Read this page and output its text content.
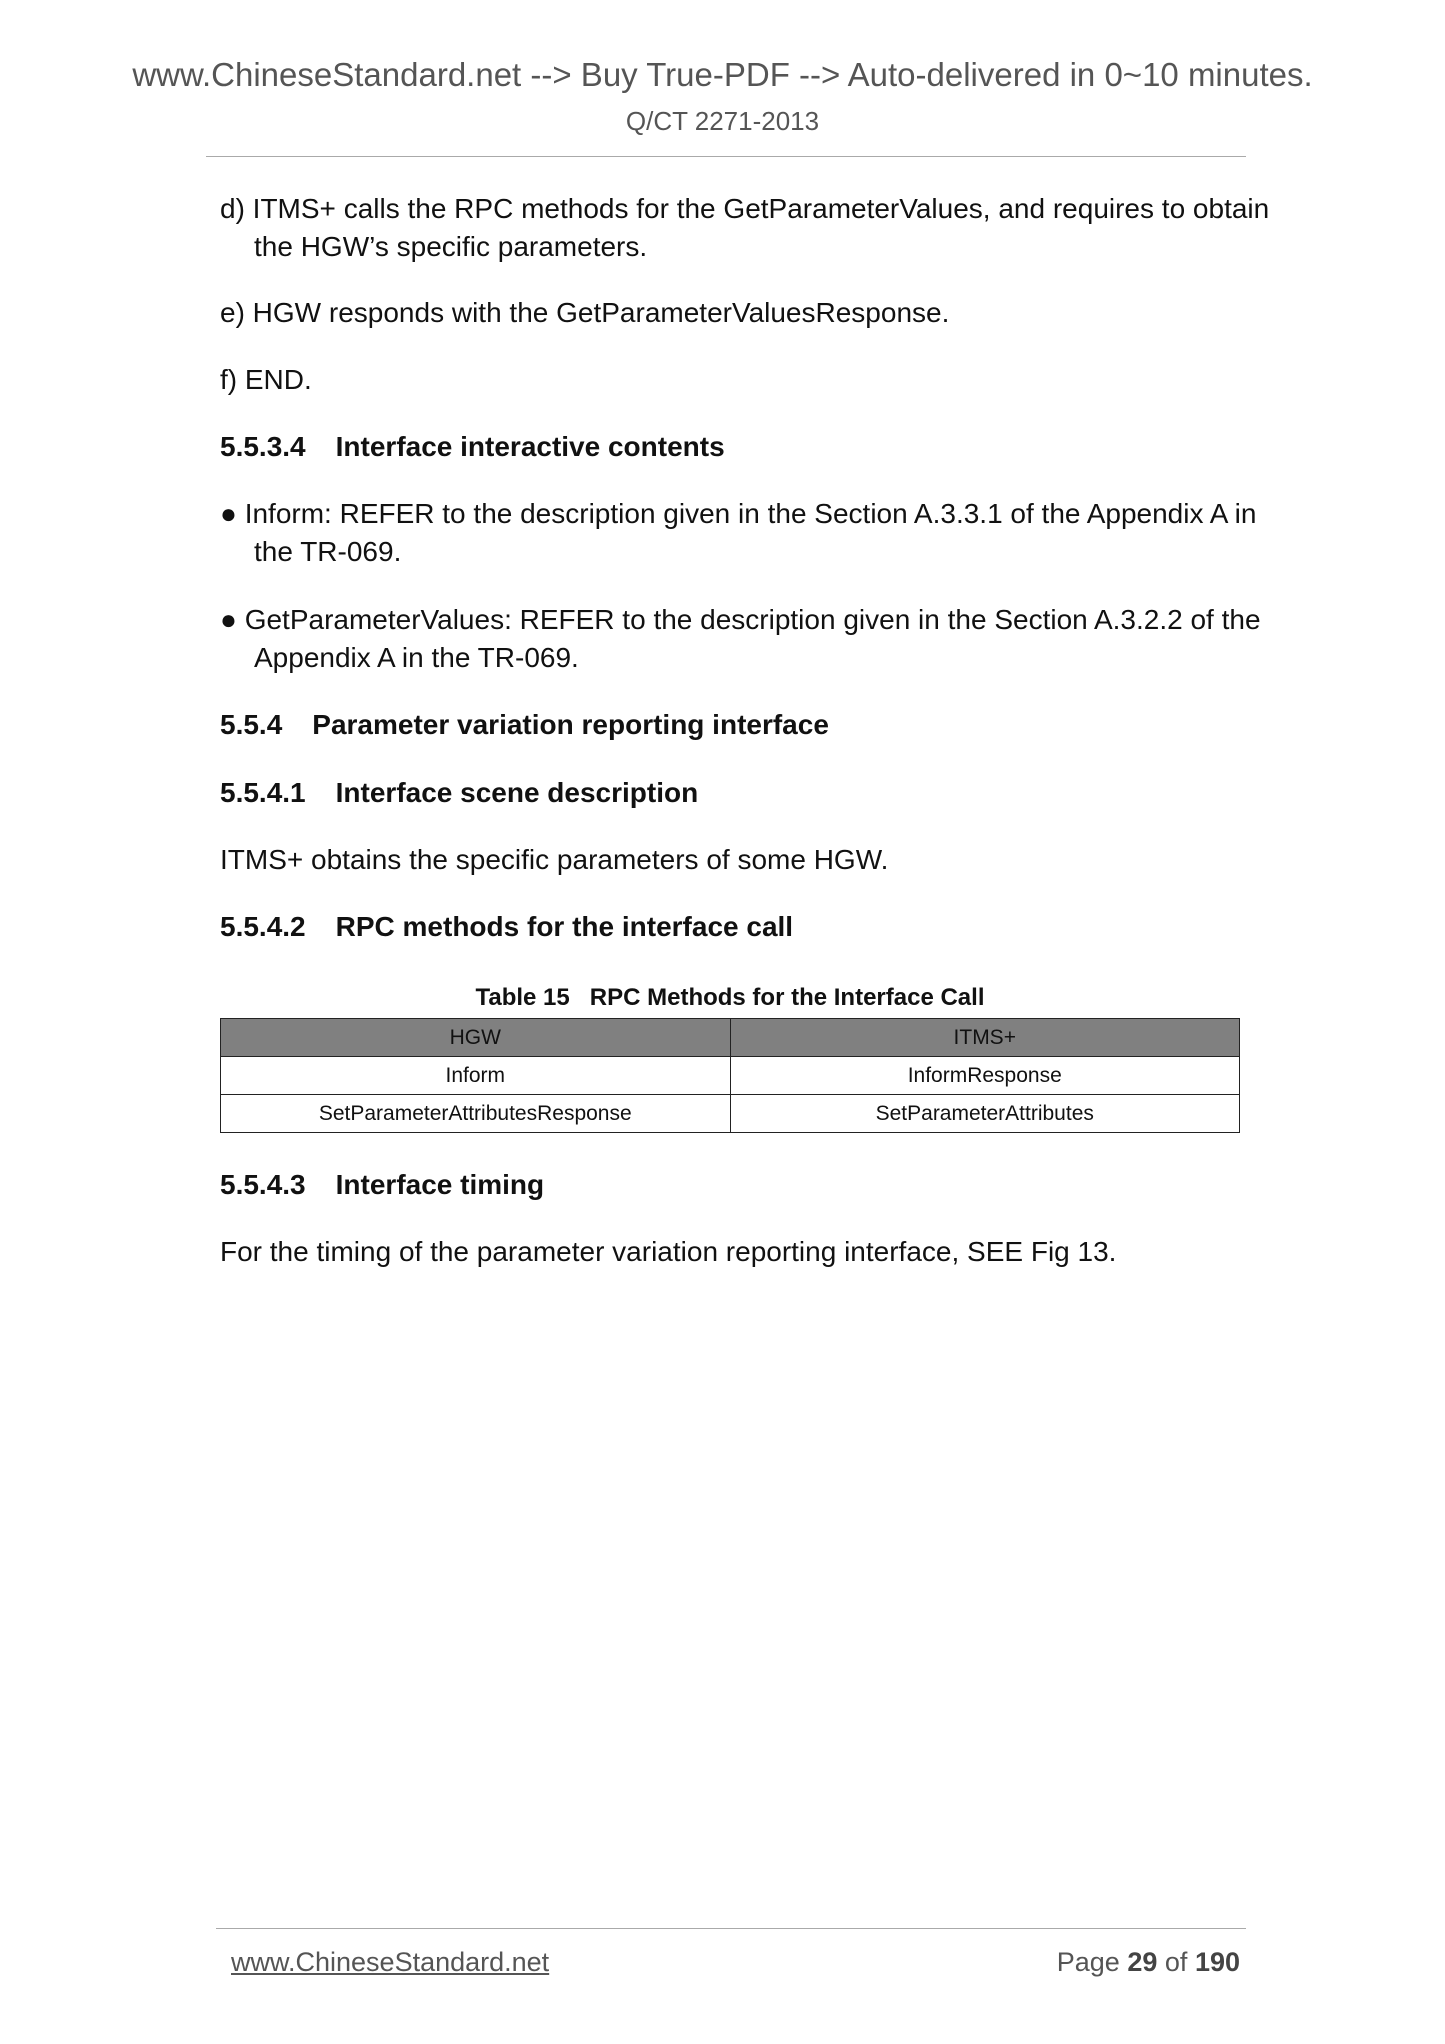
www.ChineseStandard.net --> Buy True-PDF --> Auto-delivered in 0~10 minutes.
Q/CT 2271-2013
d) ITMS+ calls the RPC methods for the GetParameterValues, and requires to obtain the HGW’s specific parameters.
e) HGW responds with the GetParameterValuesResponse.
f) END.
5.5.3.4 Interface interactive contents
● Inform: REFER to the description given in the Section A.3.3.1 of the Appendix A in the TR-069.
● GetParameterValues: REFER to the description given in the Section A.3.2.2 of the Appendix A in the TR-069.
5.5.4 Parameter variation reporting interface
5.5.4.1 Interface scene description
ITMS+ obtains the specific parameters of some HGW.
5.5.4.2 RPC methods for the interface call
Table 15 RPC Methods for the Interface Call
HGW	ITMS+
Inform	InformResponse
SetParameterAttributesResponse	SetParameterAttributes
5.5.4.3 Interface timing
For the timing of the parameter variation reporting interface, SEE Fig 13.
www.ChineseStandard.net	Page 29 of 190
